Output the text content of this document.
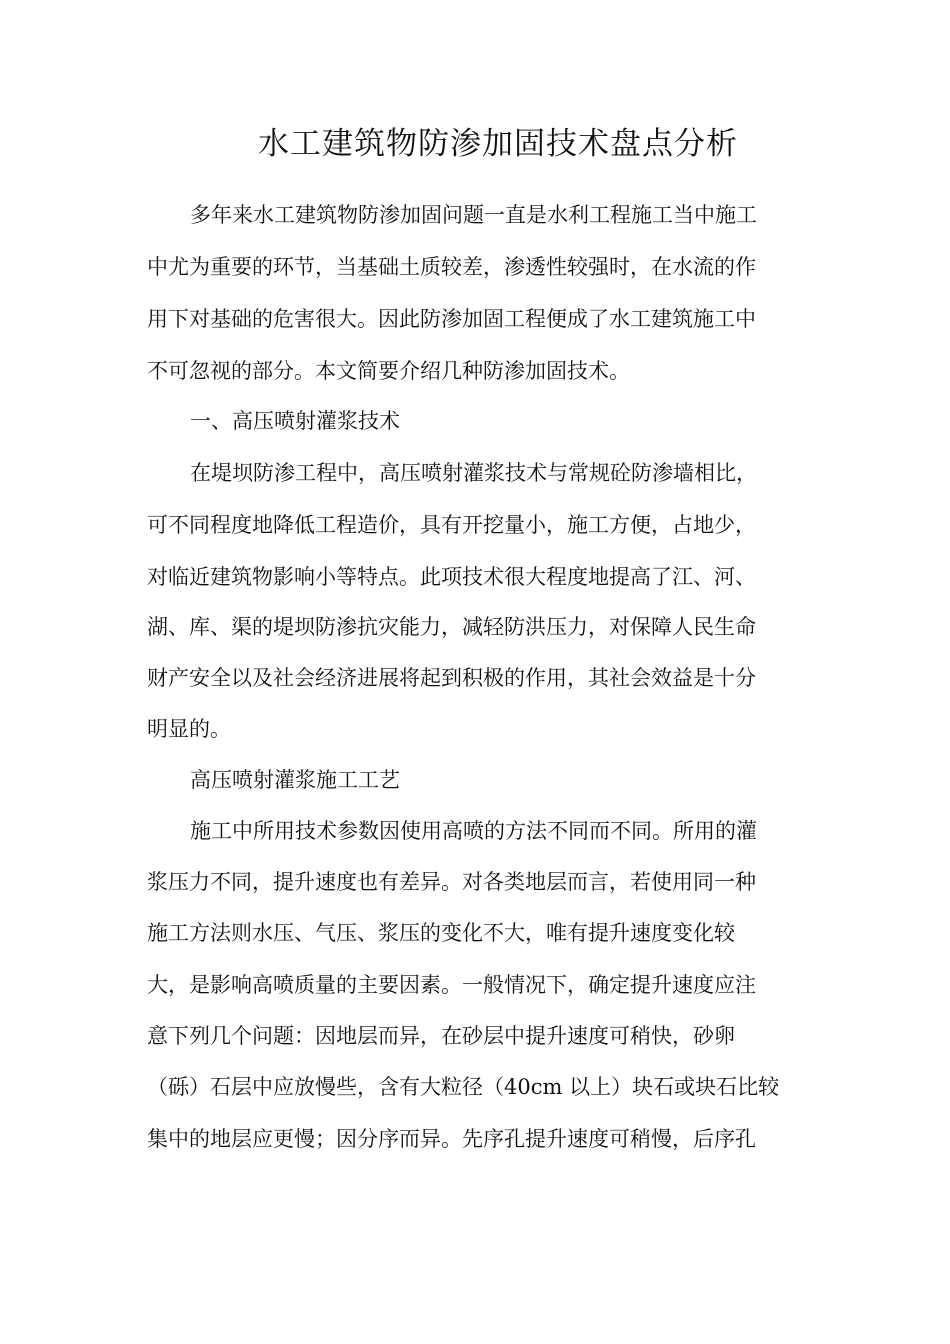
水工建筑物防渗加固技术盘点分析
多年来水工建筑物防渗加固问题一直是水利工程施工当中施工
中尤为重要的环节，当基础土质较差，渗透性较强时，在水流的作
用下对基础的危害很大。因此防渗加固工程便成了水工建筑施工中
不可忽视的部分。本文简要介绍几种防渗加固技术。
一、高压喷射灌浆技术
在堤坝防渗工程中，高压喷射灌浆技术与常规砼防渗墙相比，
可不同程度地降低工程造价，具有开挖量小，施工方便，占地少，
对临近建筑物影响小等特点。此项技术很大程度地提高了江、河、
湖、库、渠的堤坝防渗抗灾能力，减轻防洪压力，对保障人民生命
财产安全以及社会经济进展将起到积极的作用，其社会效益是十分
明显的。
高压喷射灌浆施工工艺
施工中所用技术参数因使用高喷的方法不同而不同。所用的灌
浆压力不同，提升速度也有差异。对各类地层而言，若使用同一种
施工方法则水压、气压、浆压的变化不大，唯有提升速度变化较
大，是影响高喷质量的主要因素。一般情况下，确定提升速度应注
意下列几个问题：因地层而异，在砂层中提升速度可稍快，砂卵
（砾）石层中应放慢些，含有大粒径（40cm 以上）块石或块石比较
集中的地层应更慢；因分序而异。先序孔提升速度可稍慢，后序孔
